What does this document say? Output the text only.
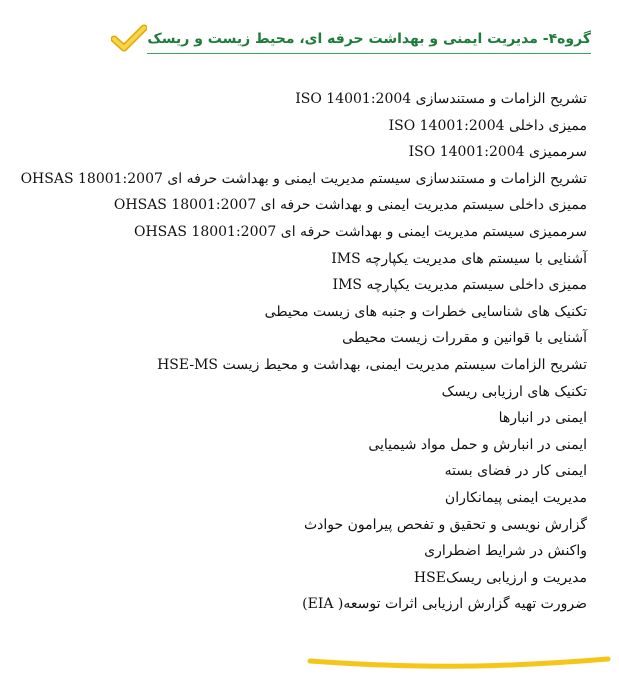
گروه۴- مدیریت ایمنی و بهداشت حرفه ای، محیط زیست و ریسک
تشریح الزامات و مستندسازی ISO 14001:2004
ممیزی داخلی ISO 14001:2004
سرممیزی ISO 14001:2004
تشریح الزامات و مستندسازی سیستم مدیریت ایمنی و بهداشت حرفه ای OHSAS 18001:2007
ممیزی داخلی سیستم مدیریت ایمنی و بهداشت حرفه ای OHSAS 18001:2007
سرممیزی سیستم مدیریت ایمنی و بهداشت حرفه ای OHSAS 18001:2007
آشنایی با سیستم های مدیریت یکپارچه IMS
ممیزی داخلی سیستم مدیریت یکپارچه IMS
تکنیک های شناسایی خطرات و جنبه های زیست محیطی
آشنایی با قوانین و مقررات زیست محیطی
تشریح الزامات سیستم مدیریت ایمنی، بهداشت و محیط زیست HSE-MS
تکنیک های ارزیابی ریسک
ایمنی در انبارها
ایمنی در انبارش و حمل مواد شیمیایی
ایمنی کار در فضای بسته
مدیریت ایمنی پیمانکاران
گزارش نویسی و تحقیق و تفحص پیرامون حوادث
واکنش در شرایط اضطراری
مدیریت و ارزیابی ریسکHSE
ضرورت تهیه گزارش ارزیابی اثرات توسعه( EIA)
